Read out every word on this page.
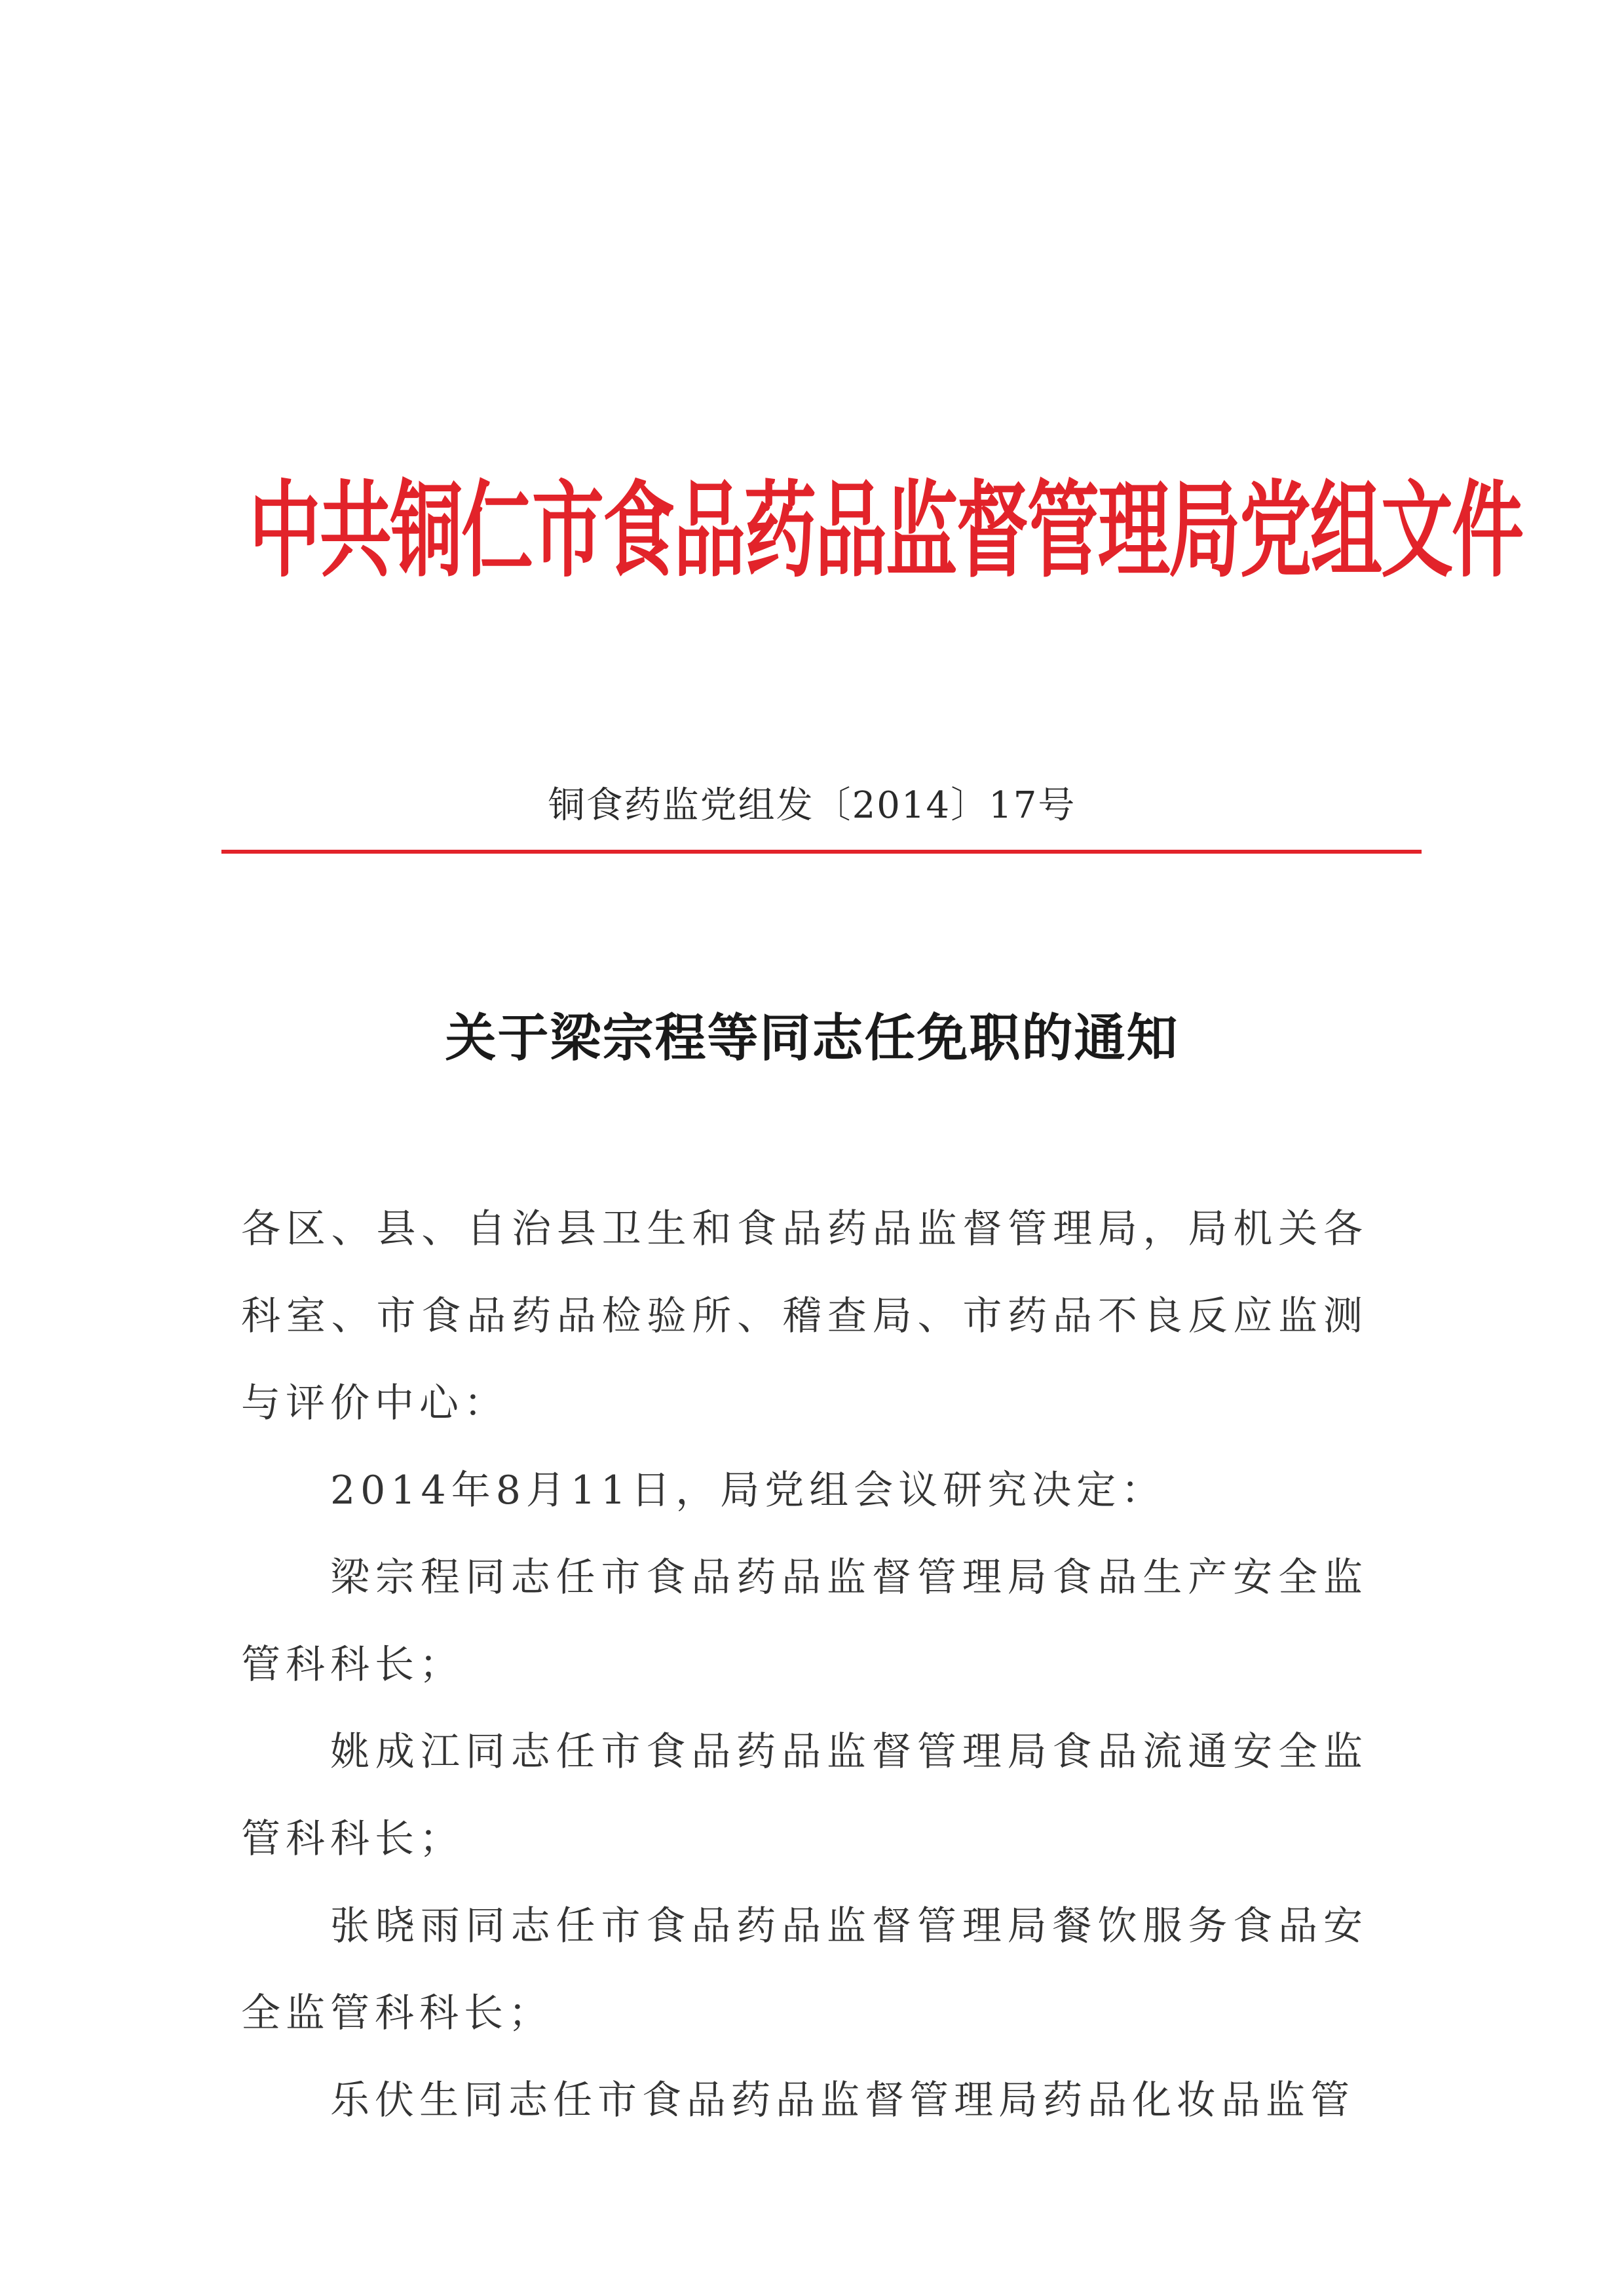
中共铜仁市食品药品监督管理局党组文件
铜食药监党组发〔2014〕17号
关于梁宗程等同志任免职的通知

各区、县、自治县卫生和食品药品监督管理局，局机关各科室、市食品药品检验所、稽查局、市药品不良反应监测与评价中心：

2014年8月11日，局党组会议研究决定：

梁宗程同志任市食品药品监督管理局食品生产安全监管科科长；

姚成江同志任市食品药品监督管理局食品流通安全监管科科长；

张晓雨同志任市食品药品监督管理局餐饮服务食品安全监管科科长；

乐伏生同志任市食品药品监督管理局药品化妆品监管
